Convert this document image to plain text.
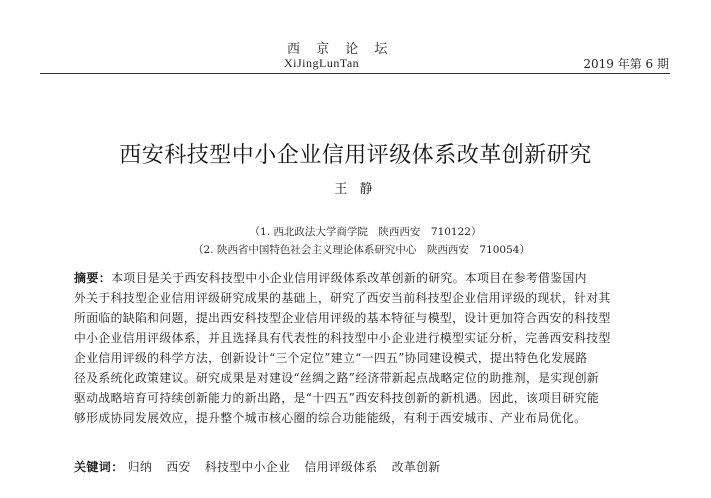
西 京 论 坛
XiJingLunTan	2019 年第 6 期
西安科技型中小企业信用评级体系改革创新研究
王 静
（1. 西北政法大学商学院　陕西西安　710122）
（2. 陕西省中国特色社会主义理论体系研究中心　陕西西安　710054）
摘要：本项目是关于西安科技型中小企业信用评级体系改革创新的研究。本项目在参考借鉴国内
外关于科技型企业信用评级研究成果的基础上，研究了西安当前科技型企业信用评级的现状，针对其
所面临的缺陷和问题，提出西安科技型企业信用评级的基本特征与模型，设计更加符合西安的科技型
中小企业信用评级体系，并且选择具有代表性的科技型中小企业进行模型实证分析，完善西安科技型
企业信用评级的科学方法，创新设计“三个定位”建立“一四五”协同建设模式，提出特色化发展路
径及系统化政策建议。研究成果是对建设“丝绸之路”经济带新起点战略定位的助推剂，是实现创新
驱动战略培育可持续创新能力的新出路，是“十四五”西安科技创新的新机遇。因此，该项目研究能
够形成协同发展效应，提升整个城市核心圈的综合功能能级，有利于西安城市、产业布局优化。
关键词： 归纳 西安 科技型中小企业 信用评级体系 改革创新
